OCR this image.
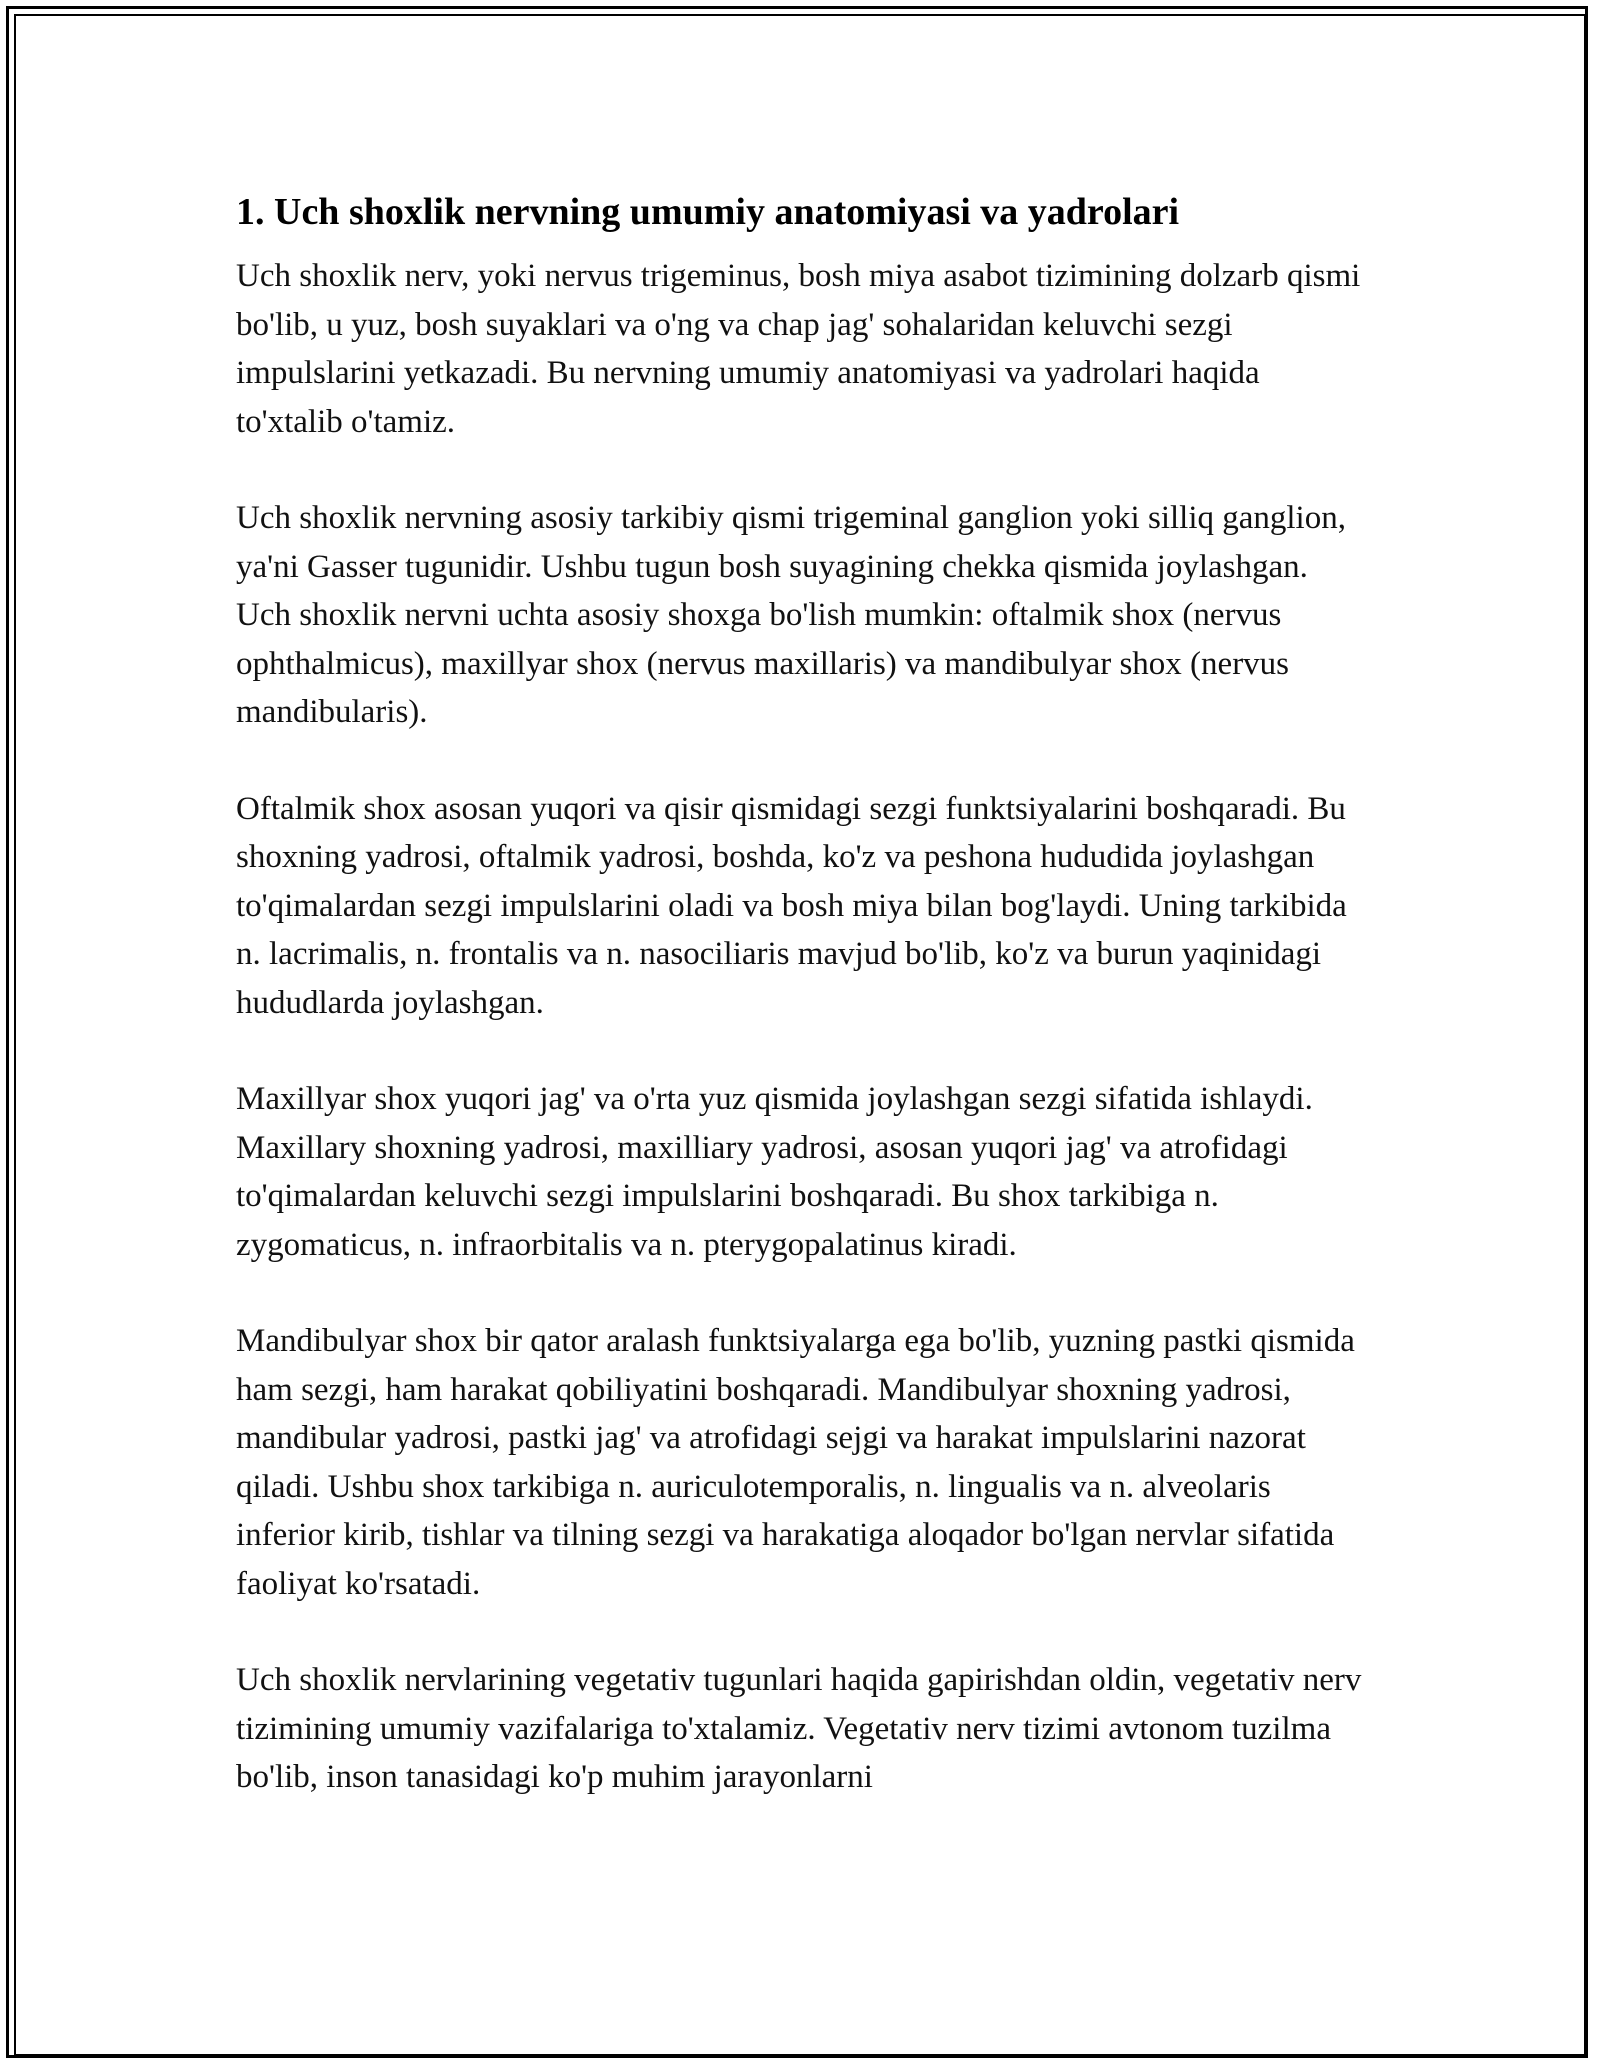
1. Uch shoxlik nervning umumiy anatomiyasi va yadrolari

Uch shoxlik nerv, yoki nervus trigeminus, bosh miya asabot tizimining dolzarb qismi bo'lib, u yuz, bosh suyaklari va o'ng va chap jag' sohalaridan keluvchi sezgi impulslarini yetkazadi. Bu nervning umumiy anatomiyasi va yadrolari haqida to'xtalib o'tamiz.

Uch shoxlik nervning asosiy tarkibiy qismi trigeminal ganglion yoki silliq ganglion, ya'ni Gasser tugunidir. Ushbu tugun bosh suyagining chekka qismida joylashgan. Uch shoxlik nervni uchta asosiy shoxga bo'lish mumkin: oftalmik shox (nervus ophthalmicus), maxillyar shox (nervus maxillaris) va mandibulyar shox (nervus mandibularis).

Oftalmik shox asosan yuqori va qisir qismidagi sezgi funktsiyalarini boshqaradi. Bu shoxning yadrosi, oftalmik yadrosi, boshda, ko'z va peshona hududida joylashgan to'qimalardan sezgi impulslarini oladi va bosh miya bilan bog'laydi. Uning tarkibida n. lacrimalis, n. frontalis va n. nasociliaris mavjud bo'lib, ko'z va burun yaqinidagi hududlarda joylashgan.

Maxillyar shox yuqori jag' va o'rta yuz qismida joylashgan sezgi sifatida ishlaydi. Maxillary shoxning yadrosi, maxilliary yadrosi, asosan yuqori jag' va atrofidagi to'qimalardan keluvchi sezgi impulslarini boshqaradi. Bu shox tarkibiga n. zygomaticus, n. infraorbitalis va n. pterygopalatinus kiradi.

Mandibulyar shox bir qator aralash funktsiyalarga ega bo'lib, yuzning pastki qismida ham sezgi, ham harakat qobiliyatini boshqaradi. Mandibulyar shoxning yadrosi, mandibular yadrosi, pastki jag' va atrofidagi sejgi va harakat impulslarini nazorat qiladi. Ushbu shox tarkibiga n. auriculotemporalis, n. lingualis va n. alveolaris inferior kirib, tishlar va tilning sezgi va harakatiga aloqador bo'lgan nervlar sifatida faoliyat ko'rsatadi.

Uch shoxlik nervlarining vegetativ tugunlari haqida gapirishdan oldin, vegetativ nerv tizimining umumiy vazifalariga to'xtalamiz. Vegetativ nerv tizimi avtonom tuzilma bo'lib, inson tanasidagi ko'p muhim jarayonlarni
